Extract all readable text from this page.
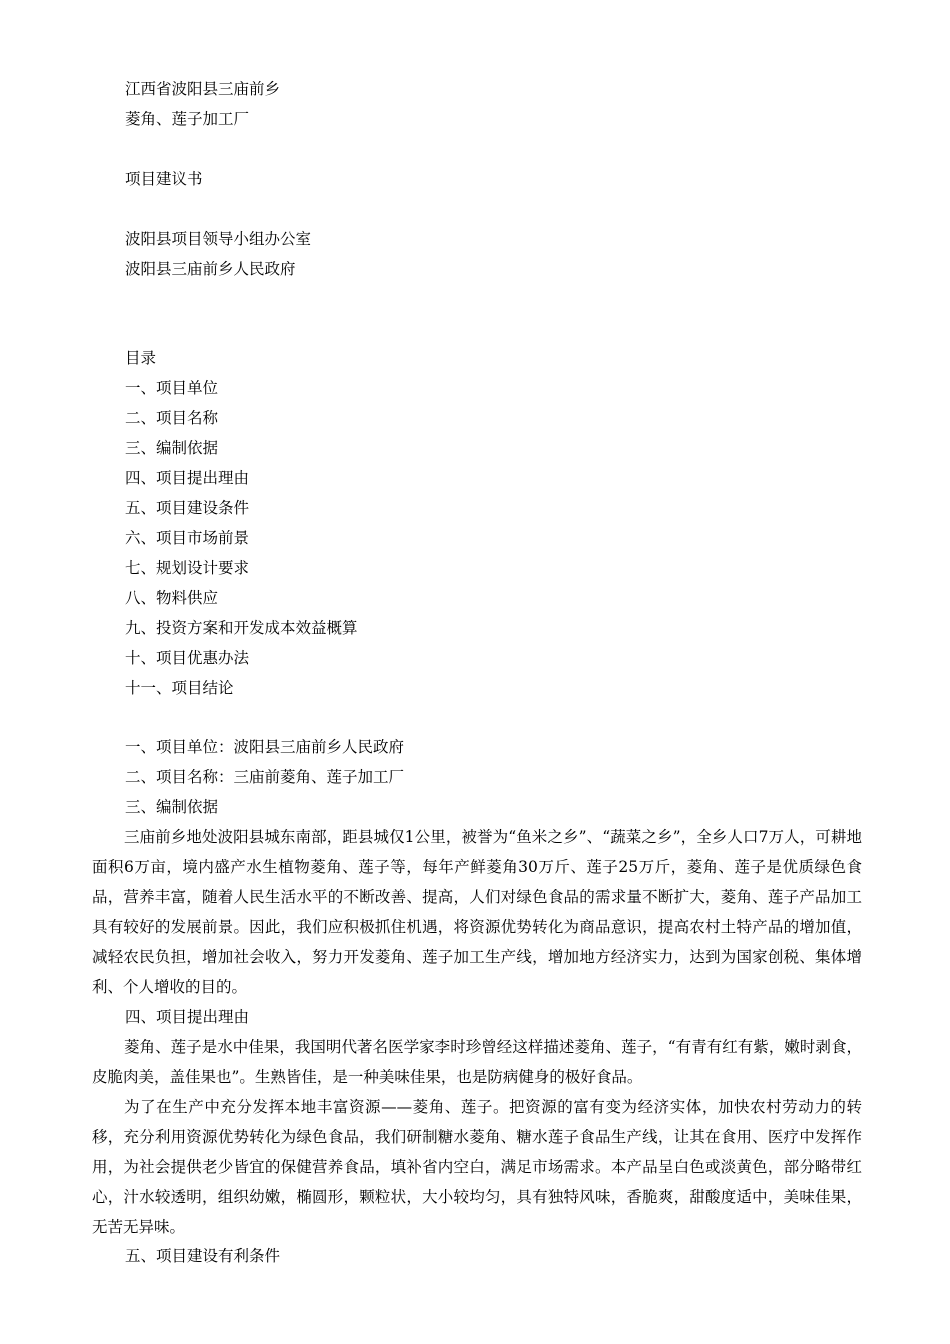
江西省波阳县三庙前乡

菱角、莲子加工厂

项目建议书

波阳县项目领导小组办公室

波阳县三庙前乡人民政府

目录

一、项目单位

二、项目名称

三、编制依据

四、项目提出理由

五、项目建设条件

六、项目市场前景

七、规划设计要求

八、物料供应

九、投资方案和开发成本效益概算

十、项目优惠办法

十一、项目结论

一、项目单位：波阳县三庙前乡人民政府

二、项目名称：三庙前菱角、莲子加工厂

三、编制依据

三庙前乡地处波阳县城东南部，距县城仅1公里，被誉为“鱼米之乡”、“蔬菜之乡”，全乡人口7万人，可耕地面积6万亩，境内盛产水生植物菱角、莲子等，每年产鲜菱角30万斤、莲子25万斤，菱角、莲子是优质绿色食品，营养丰富，随着人民生活水平的不断改善、提高，人们对绿色食品的需求量不断扩大，菱角、莲子产品加工具有较好的发展前景。因此，我们应积极抓住机遇，将资源优势转化为商品意识，提高农村土特产品的增加值，减轻农民负担，增加社会收入，努力开发菱角、莲子加工生产线，增加地方经济实力，达到为国家创税、集体增利、个人增收的目的。

四、项目提出理由

菱角、莲子是水中佳果，我国明代著名医学家李时珍曾经这样描述菱角、莲子，“有青有红有紫，嫩时剥食，皮脆肉美，盖佳果也”。生熟皆佳，是一种美味佳果，也是防病健身的极好食品。

为了在生产中充分发挥本地丰富资源——菱角、莲子。把资源的富有变为经济实体，加快农村劳动力的转移，充分利用资源优势转化为绿色食品，我们研制糖水菱角、糖水莲子食品生产线，让其在食用、医疗中发挥作用，为社会提供老少皆宜的保健营养食品，填补省内空白，满足市场需求。本产品呈白色或淡黄色，部分略带红心，汁水较透明，组织幼嫩，椭圆形，颗粒状，大小较均匀，具有独特风味，香脆爽，甜酸度适中，美味佳果，无苦无异味。

五、项目建设有利条件
